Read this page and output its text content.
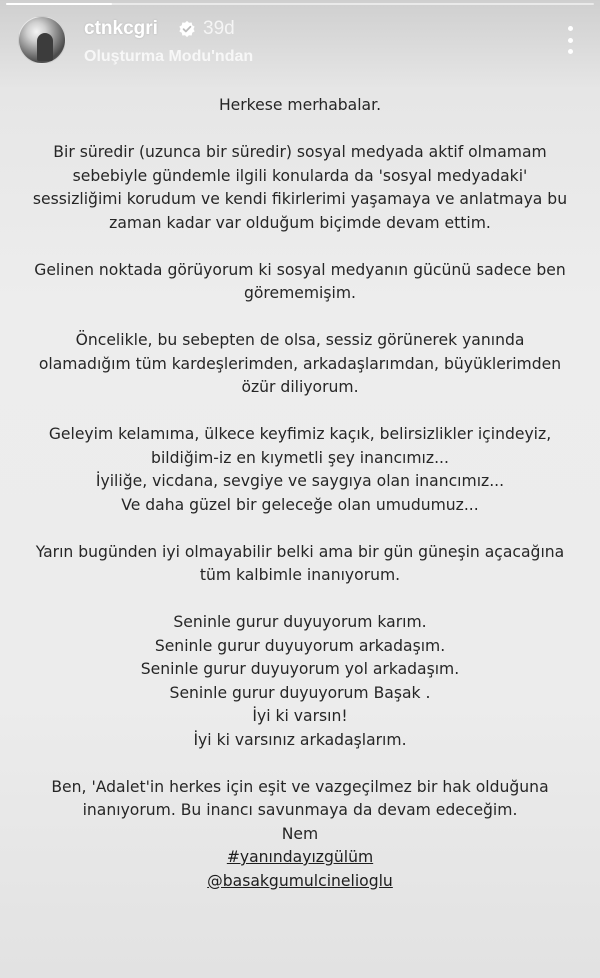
ctnkcgri 39d
Oluşturma Modu'ndan

Herkese merhabalar.

Bir süredir (uzunca bir süredir) sosyal medyada aktif olmamam sebebiyle gündemle ilgili konularda da 'sosyal medyadaki' sessizliğimi korudum ve kendi fikirlerimi yaşamaya ve anlatmaya bu zaman kadar var olduğum biçimde devam ettim.

Gelinen noktada görüyorum ki sosyal medyanın gücünü sadece ben görememişim.

Öncelikle, bu sebepten de olsa, sessiz görünerek yanında olamadığım tüm kardeşlerimden, arkadaşlarımdan, büyüklerimden özür diliyorum.

Geleyim kelamıma, ülkece keyfimiz kaçık, belirsizlikler içindeyiz, bildiğim-iz en kıymetli şey inancımız...
İyiliğe, vicdana, sevgiye ve saygıya olan inancımız...
Ve daha güzel bir geleceğe olan umudumuz...

Yarın bugünden iyi olmayabilir belki ama bir gün güneşin açacağına tüm kalbimle inanıyorum.

Seninle gurur duyuyorum karım.
Seninle gurur duyuyorum arkadaşım.
Seninle gurur duyuyorum yol arkadaşım.
Seninle gurur duyuyorum Başak .
İyi ki varsın!
İyi ki varsınız arkadaşlarım.

Ben, 'Adalet'in herkes için eşit ve vazgeçilmez bir hak olduğuna inanıyorum. Bu inancı savunmaya da devam edeceğim.
Nem
#yanındayızgülüm
@basakgumulcinelioglu
